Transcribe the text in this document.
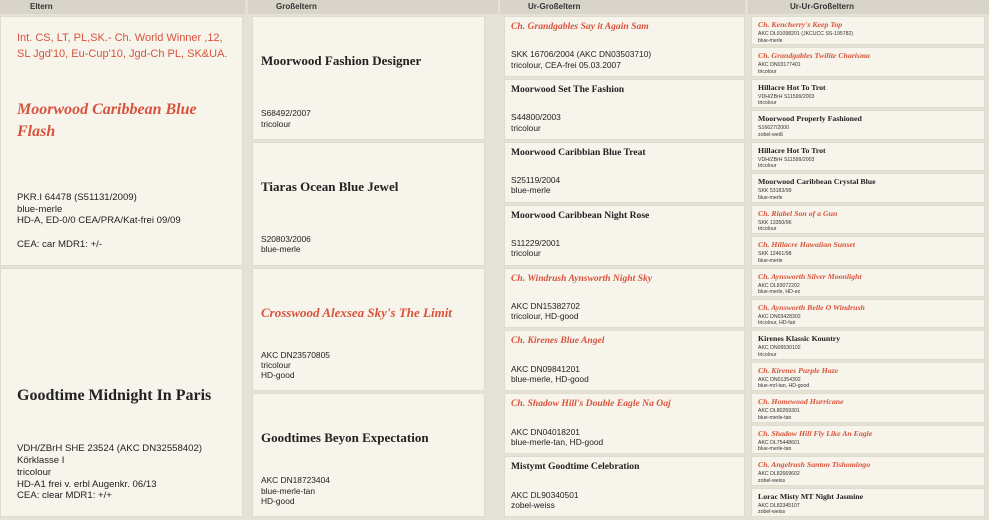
Eltern	Großeltern	Ur-Großeltern	Ur-Ur-Großeltern
Int. CS, LT, PL,SK.- Ch. World Winner ,12,
SL Jgd'10, Eu-Cup'10, Jgd-Ch PL, SK&UA.
Moorwood Caribbean Blue Flash
PKR.I 64478 (S51131/2009)
blue-merle
HD-A, ED-0/0 CEA/PRA/Kat-frei 09/09

CEA: car MDR1: +/-
Goodtime Midnight In Paris
VDH/ZBrH SHE 23524 (AKC DN32558402)
Körklasse I
tricolour
HD-A1 frei v. erbl Augenkr. 06/13
CEA: clear MDR1: +/+
Moorwood Fashion Designer
S68492/2007
tricolour
Tiaras Ocean Blue Jewel
S20803/2006
blue-merle
Crosswood Alexsea Sky's The Limit
AKC DN23570805
tricolour
HD-good
Goodtimes Beyon Expectation
AKC DN18723404
blue-merle-tan
HD-good
Ch. Grandgables Say it Again Sam
SKK 16706/2004 (AKC DN03503710)
tricolour, CEA-frei 05.03.2007
Moorwood Set The Fashion
S44800/2003
tricolour
Moorwood Caribbian Blue Treat
S25119/2004
blue-merle
Moorwood Caribbean Night Rose
S11229/2001
tricolour
Ch. Windrush Aynsworth Night Sky
AKC DN15382702
tricolour, HD-good
Ch. Kirenes Blue Angel
AKC DN09841201
blue-merle, HD-good
Ch. Shadow Hill's Double Eagle Na Oaj
AKC DN04018201
blue-merle-tan, HD-good
Mistymt Goodtime Celebration
AKC DL90340501
zobel-weiss
Ch. Kencherry's Keep Top
AKC DL91098201 (JKCUCC SS-195782)
blue-merle
Ch. Grandgables Twilite Charisma
AKC DN03177401
tricolour
Hillacre Hot To Trot
VDH/ZBrH S11599/2003
tricolour
Moorwood Properly Fashioned
S16627/2000
zobel-weiß
Hillacre Hot To Trot
VDH/ZBrH S11599/2003
tricolour
Moorwood Caribbean Crystal Blue
SKK 53183/99
blue-merle
Ch. Riabel Son of a Gun
SKK 13350/96
tricolour
Ch. Hillacre Hawaiian Sunset
SKK 12461/98
blue-merle
Ch. Aynsworth Silver Moonlight
AKC DL83072202
blue-merle, HD-ex
Ch. Aynsworth Belle O Windrush
AKC DN03428302
tricolour, HD-fair
Kirenes Klassic Kountry
AKC DN09530102
tricolour
Ch. Kirenes Purple Haze
AKC DN01354302
blue-mrl-tan, HD-good
Ch. Homewood Hurricane
AKC DL80269301
blue-merle-tan
Ch. Shadow Hill Fly Like An Eagle
AKC DL75448601
blue-merle-tan
Ch. Angelrush Santon Tishomingo
AKC DL82669602
zobel-weiss
Lorac Misty MT Night Jasmine
AKC DL82345107
zobel-weiss
